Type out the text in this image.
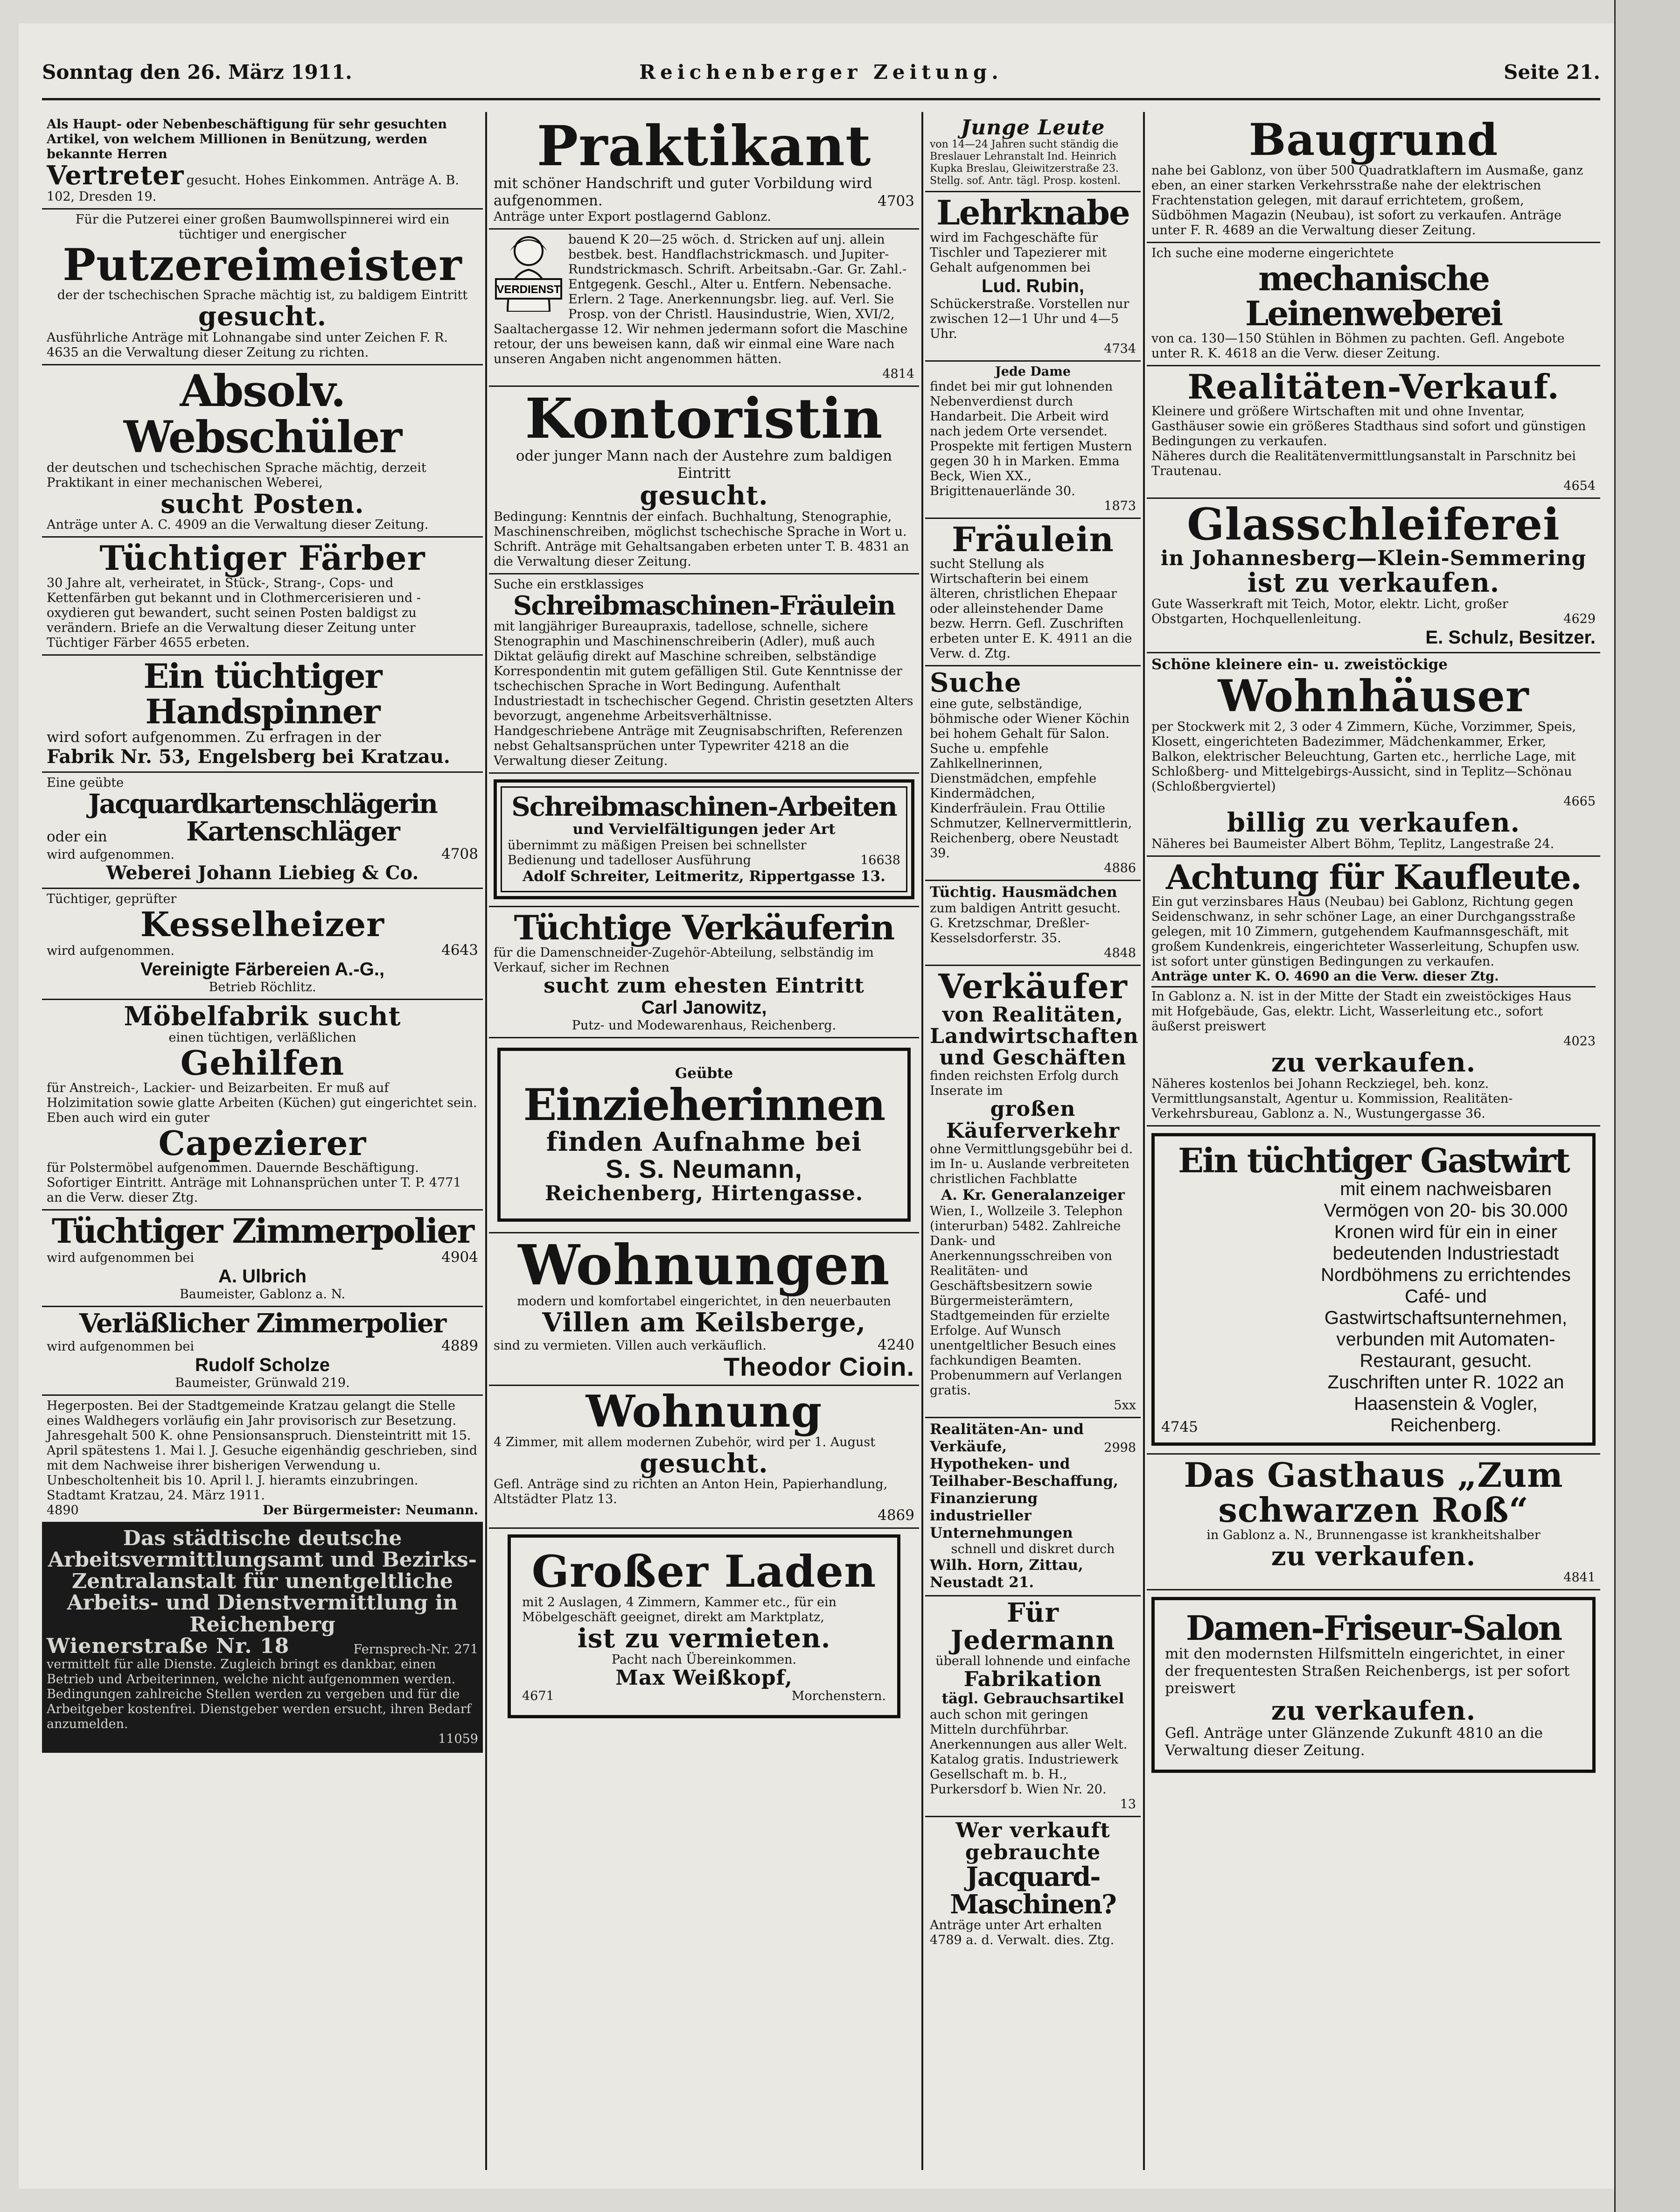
Sonntag den 26. März 1911.	Reichenberger Zeitung.	Seite 21.
Als Haupt- oder Nebenbeschäftigung für sehr gesuchten Artikel, von welchem Millionen in Benützung, werden bekannte Herren
Vertreter gesucht. Hohes Einkommen. Anträge A. B. 102, Dresden 19.
Für die Putzerei einer großen Baumwollspinnerei wird ein tüchtiger und energischer
Putzereimeister
der der tschechischen Sprache mächtig ist, zu baldigem Eintritt
gesucht.
Ausführliche Anträge mit Lohnangabe sind unter Zeichen F. R. 4635 an die Verwaltung dieser Zeitung zu richten.
Absolv. Webschüler
der deutschen und tschechischen Sprache mächtig, derzeit Praktikant in einer mechanischen Weberei,
sucht Posten.
Anträge unter A. C. 4909 an die Verwaltung dieser Zeitung.
Tüchtiger Färber
30 Jahre alt, verheiratet, in Stück-, Strang-, Cops- und Kettenfärben gut bekannt und in Clothmercerisieren und -oxydieren gut bewandert, sucht seinen Posten baldigst zu verändern. Briefe an die Verwaltung dieser Zeitung unter Tüchtiger Färber 4655 erbeten.
Ein tüchtiger Handspinner
wird sofort aufgenommen. Zu erfragen in der
Fabrik Nr. 53, Engelsberg bei Kratzau.
Eine geübte
Jacquardkartenschlägerin
oder ein	Kartenschläger
wird aufgenommen.	4708
Weberei Johann Liebieg & Co.
Tüchtiger, geprüfter
Kesselheizer
wird aufgenommen.	4643
Vereinigte Färbereien A.-G.,
Betrieb Röchlitz.
Möbelfabrik sucht
einen tüchtigen, verläßlichen
Gehilfen
für Anstreich-, Lackier- und Beizarbeiten. Er muß auf Holzimitation sowie glatte Arbeiten (Küchen) gut eingerichtet sein. Eben auch wird ein guter
Capezierer
für Polstermöbel aufgenommen. Dauernde Beschäftigung. Sofortiger Eintritt. Anträge mit Lohnansprüchen unter T. P. 4771 an die Verw. dieser Ztg.
Tüchtiger Zimmerpolier
wird aufgenommen bei	4904
A. Ulbrich
Baumeister, Gablonz a. N.
Verläßlicher Zimmerpolier
wird aufgenommen bei	4889
Rudolf Scholze
Baumeister, Grünwald 219.
Hegerposten. Bei der Stadtgemeinde Kratzau gelangt die Stelle eines Waldhegers vorläufig ein Jahr provisorisch zur Besetzung. Jahresgehalt 500 K. ohne Pensionsanspruch. Diensteintritt mit 15. April spätestens 1. Mai l. J. Gesuche eigenhändig geschrieben, sind mit dem Nachweise ihrer bisherigen Verwendung u. Unbescholtenheit bis 10. April l. J. hieramts einzubringen. Stadtamt Kratzau, 24. März 1911.
4890	Der Bürgermeister: Neumann.
Das städtische deutsche Arbeitsvermittlungsamt und Bezirks-Zentralanstalt für unentgeltliche Arbeits- und Dienstvermittlung in Reichenberg
Wienerstraße Nr. 18	Fernsprech-Nr. 271
vermittelt für alle Dienste. Zugleich bringt es dankbar, einen Betrieb und Arbeiterinnen, welche nicht aufgenommen werden. Bedingungen zahlreiche Stellen werden zu vergeben und für die Arbeitgeber kostenfrei. Dienstgeber werden ersucht, ihren Bedarf anzumelden.
11059
Praktikant
mit schöner Handschrift und guter Vorbildung wird aufgenommen.	4703
Anträge unter Export postlagernd Gablonz.
VERDIENST
bauend K 20—25 wöch. d. Stricken auf unj. allein bestbek. best. Handflachstrickmasch. und Jupiter-Rundstrickmasch. Schrift. Arbeitsabn.-Gar. Gr. Zahl.-Entgegenk. Geschl., Alter u. Entfern. Nebensache. Erlern. 2 Tage. Anerkennungsbr. lieg. auf. Verl. Sie Prosp. von der Christl. Hausindustrie, Wien, XVI/2, Saaltachergasse 12. Wir nehmen jedermann sofort die Maschine retour, der uns beweisen kann, daß wir einmal eine Ware nach unseren Angaben nicht angenommen hätten.
4814
Kontoristin
oder junger Mann nach der Austehre zum baldigen Eintritt
gesucht.
Bedingung: Kenntnis der einfach. Buchhaltung, Stenographie, Maschinenschreiben, möglichst tschechische Sprache in Wort u. Schrift. Anträge mit Gehaltsangaben erbeten unter T. B. 4831 an die Verwaltung dieser Zeitung.
Suche ein erstklassiges
Schreibmaschinen-Fräulein
mit langjähriger Bureaupraxis, tadellose, schnelle, sichere Stenographin und Maschinenschreiberin (Adler), muß auch Diktat geläufig direkt auf Maschine schreiben, selbständige Korrespondentin mit gutem gefälligen Stil. Gute Kenntnisse der tschechischen Sprache in Wort Bedingung. Aufenthalt Industriestadt in tschechischer Gegend. Christin gesetzten Alters bevorzugt, angenehme Arbeitsverhältnisse.
Handgeschriebene Anträge mit Zeugnisabschriften, Referenzen nebst Gehaltsansprüchen unter Typewriter 4218 an die Verwaltung dieser Zeitung.
Schreibmaschinen-Arbeiten
und Vervielfältigungen jeder Art
übernimmt zu mäßigen Preisen bei schnellster Bedienung und tadelloser Ausführung	16638
Adolf Schreiter, Leitmeritz, Rippertgasse 13.
Tüchtige Verkäuferin
für die Damenschneider-Zugehör-Abteilung, selbständig im Verkauf, sicher im Rechnen
sucht zum ehesten Eintritt
Carl Janowitz,
Putz- und Modewarenhaus, Reichenberg.
Geübte
Einzieherinnen
finden Aufnahme bei
S. S. Neumann,
Reichenberg, Hirtengasse.
Wohnungen
modern und komfortabel eingerichtet, in den neuerbauten
Villen am Keilsberge,
sind zu vermieten. Villen auch verkäuflich.	4240
Theodor Cioin.
Wohnung
4 Zimmer, mit allem modernen Zubehör, wird per 1. August
gesucht.
Gefl. Anträge sind zu richten an Anton Hein, Papierhandlung, Altstädter Platz 13.
4869
Großer Laden
mit 2 Auslagen, 4 Zimmern, Kammer etc., für ein Möbelgeschäft geeignet, direkt am Marktplatz,
ist zu vermieten.
Pacht nach Übereinkommen.
Max Weißkopf,
4671	Morchenstern.
Junge Leute
von 14—24 Jahren sucht ständig die Breslauer Lehranstalt Ind. Heinrich Kupka Breslau, Gleiwitzerstraße 23. Stellg. sof. Antr. tägl. Prosp. kostenl.
Lehrknabe
wird im Fachgeschäfte für Tischler und Tapezierer mit Gehalt aufgenommen bei
Lud. Rubin,
Schückerstraße. Vorstellen nur zwischen 12—1 Uhr und 4—5 Uhr.
4734
Jede Dame
findet bei mir gut lohnenden Nebenverdienst durch Handarbeit. Die Arbeit wird nach jedem Orte versendet. Prospekte mit fertigen Mustern gegen 30 h in Marken. Emma Beck, Wien XX., Brigittenauerlände 30.
1873
Fräulein
sucht Stellung als Wirtschafterin bei einem älteren, christlichen Ehepaar oder alleinstehender Dame bezw. Herrn. Gefl. Zuschriften erbeten unter E. K. 4911 an die Verw. d. Ztg.
Suche
eine gute, selbständige, böhmische oder Wiener Köchin bei hohem Gehalt für Salon. Suche u. empfehle Zahlkellnerinnen, Dienstmädchen, empfehle Kindermädchen, Kinderfräulein. Frau Ottilie Schmutzer, Kellnervermittlerin, Reichenberg, obere Neustadt 39.
4886
Tüchtig. Hausmädchen
zum baldigen Antritt gesucht. G. Kretzschmar, Dreßler-Kesselsdorferstr. 35.
4848
Verkäufer
von Realitäten, Landwirtschaften und Geschäften
finden reichsten Erfolg durch Inserate im
großen Käuferverkehr
ohne Vermittlungsgebühr bei d. im In- u. Auslande verbreiteten christlichen Fachblatte
A. Kr. Generalanzeiger
Wien, I., Wollzeile 3. Telephon (interurban) 5482. Zahlreiche Dank- und Anerkennungsschreiben von Realitäten- und Geschäftsbesitzern sowie Bürgermeisterämtern, Stadtgemeinden für erzielte Erfolge. Auf Wunsch unentgeltlicher Besuch eines fachkundigen Beamten. Probenummern auf Verlangen gratis.
5xx
Realitäten-An- und Verkäufe,	2998
Hypotheken- und Teilhaber-Beschaffung,
Finanzierung industrieller Unternehmungen
schnell und diskret durch
Wilh. Horn, Zittau, Neustadt 21.
Für Jedermann
überall lohnende und einfache
Fabrikation
tägl. Gebrauchsartikel
auch schon mit geringen Mitteln durchführbar. Anerkennungen aus aller Welt. Katalog gratis. Industriewerk Gesellschaft m. b. H., Purkersdorf b. Wien Nr. 20.
13
Wer verkauft gebrauchte
Jacquard-Maschinen?
Anträge unter Art erhalten 4789 a. d. Verwalt. dies. Ztg.
Baugrund
nahe bei Gablonz, von über 500 Quadratklaftern im Ausmaße, ganz eben, an einer starken Verkehrsstraße nahe der elektrischen Frachtenstation gelegen, mit darauf errichtetem, großem, Südböhmen Magazin (Neubau), ist sofort zu verkaufen. Anträge unter F. R. 4689 an die Verwaltung dieser Zeitung.
Ich suche eine moderne eingerichtete
mechanische Leinenweberei
von ca. 130—150 Stühlen in Böhmen zu pachten. Gefl. Angebote unter R. K. 4618 an die Verw. dieser Zeitung.
Realitäten-Verkauf.
Kleinere und größere Wirtschaften mit und ohne Inventar, Gasthäuser sowie ein größeres Stadthaus sind sofort und günstigen Bedingungen zu verkaufen.
Näheres durch die Realitätenvermittlungsanstalt in Parschnitz bei Trautenau.
4654
Glasschleiferei
in Johannesberg—Klein-Semmering
ist zu verkaufen.
Gute Wasserkraft mit Teich, Motor, elektr. Licht, großer Obstgarten, Hochquellenleitung.	4629
E. Schulz, Besitzer.
Schöne kleinere ein- u. zweistöckige
Wohnhäuser
per Stockwerk mit 2, 3 oder 4 Zimmern, Küche, Vorzimmer, Speis, Klosett, eingerichteten Badezimmer, Mädchenkammer, Erker, Balkon, elektrischer Beleuchtung, Garten etc., herrliche Lage, mit Schloßberg- und Mittelgebirgs-Aussicht, sind in Teplitz—Schönau (Schloßbergviertel)
4665
billig zu verkaufen.
Näheres bei Baumeister Albert Böhm, Teplitz, Langestraße 24.
Achtung für Kaufleute.
Ein gut verzinsbares Haus (Neubau) bei Gablonz, Richtung gegen Seidenschwanz, in sehr schöner Lage, an einer Durchgangsstraße gelegen, mit 10 Zimmern, gutgehendem Kaufmannsgeschäft, mit großem Kundenkreis, eingerichteter Wasserleitung, Schupfen usw. ist sofort unter günstigen Bedingungen zu verkaufen.
Anträge unter K. O. 4690 an die Verw. dieser Ztg.
In Gablonz a. N. ist in der Mitte der Stadt ein zweistöckiges Haus mit Hofgebäude, Gas, elektr. Licht, Wasserleitung etc., sofort äußerst preiswert
4023
zu verkaufen.
Näheres kostenlos bei Johann Reckziegel, beh. konz. Vermittlungsanstalt, Agentur u. Kommission, Realitäten-Verkehrsbureau, Gablonz a. N., Wustungergasse 36.
Ein tüchtiger Gastwirt
4745
mit einem nachweisbaren Vermögen von 20- bis 30.000 Kronen wird für ein in einer bedeutenden Industriestadt Nordböhmens zu errichtendes Café- und Gastwirtschaftsunternehmen, verbunden mit Automaten-Restaurant, gesucht. Zuschriften unter R. 1022 an Haasenstein & Vogler, Reichenberg.
Das Gasthaus „Zum schwarzen Roß“
in Gablonz a. N., Brunnengasse ist krankheitshalber
zu verkaufen.
4841
Damen-Friseur-Salon
mit den modernsten Hilfsmitteln eingerichtet, in einer der frequentesten Straßen Reichenbergs, ist per sofort preiswert
zu verkaufen.
Gefl. Anträge unter Glänzende Zukunft 4810 an die Verwaltung dieser Zeitung.
